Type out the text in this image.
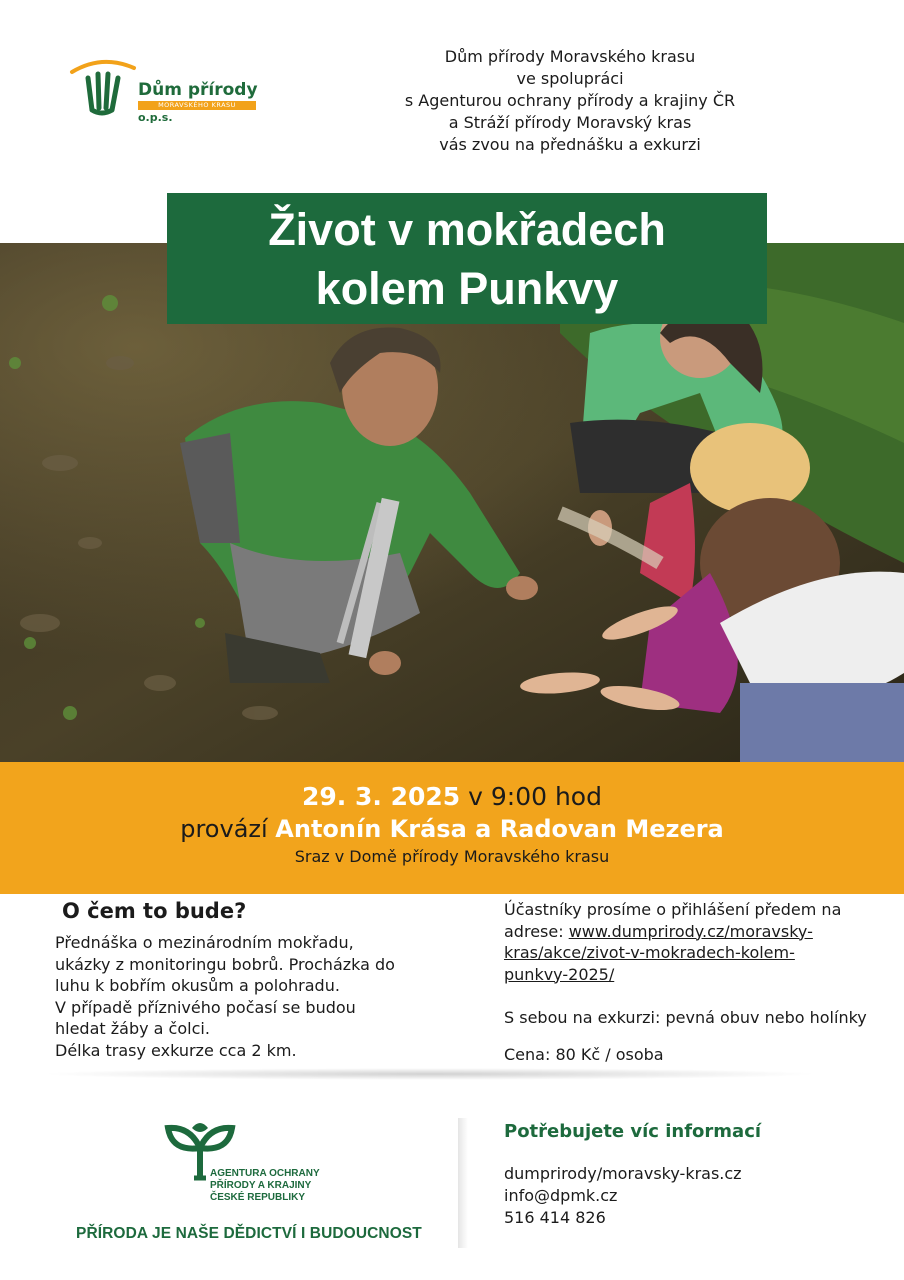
Dům přírody
MORAVSKÉHO KRASU
o.p.s.
Dům přírody Moravského krasu
ve spolupráci
s Agenturou ochrany přírody a krajiny ČR
a Stráží přírody Moravský kras
vás zvou na přednášku a exkurzi
Život v mokřadech
kolem Punkvy
29. 3. 2025 v 9:00 hod
provází Antonín Krása a Radovan Mezera
Sraz v Domě přírody Moravského krasu
O čem to bude?
Přednáška o mezinárodním mokřadu,
ukázky z monitoringu bobrů. Procházka do
luhu k bobřím okusům a polohradu.
V případě příznivého počasí se budou
hledat žáby a čolci.
Délka trasy exkurze cca 2 km.
Účastníky prosíme o přihlášení předem na
adrese: www.dumprirody.cz/moravsky-
kras/akce/zivot-v-mokradech-kolem-
punkvy-2025/
S sebou na exkurzi: pevná obuv nebo holínky
Cena: 80 Kč / osoba
AGENTURA OCHRANY
PŘÍRODY A KRAJINY
ČESKÉ REPUBLIKY
PŘÍRODA JE NAŠE DĚDICTVÍ I BUDOUCNOST
Potřebujete víc informací
dumprirody/moravsky-kras.cz
info@dpmk.cz
516 414 826
